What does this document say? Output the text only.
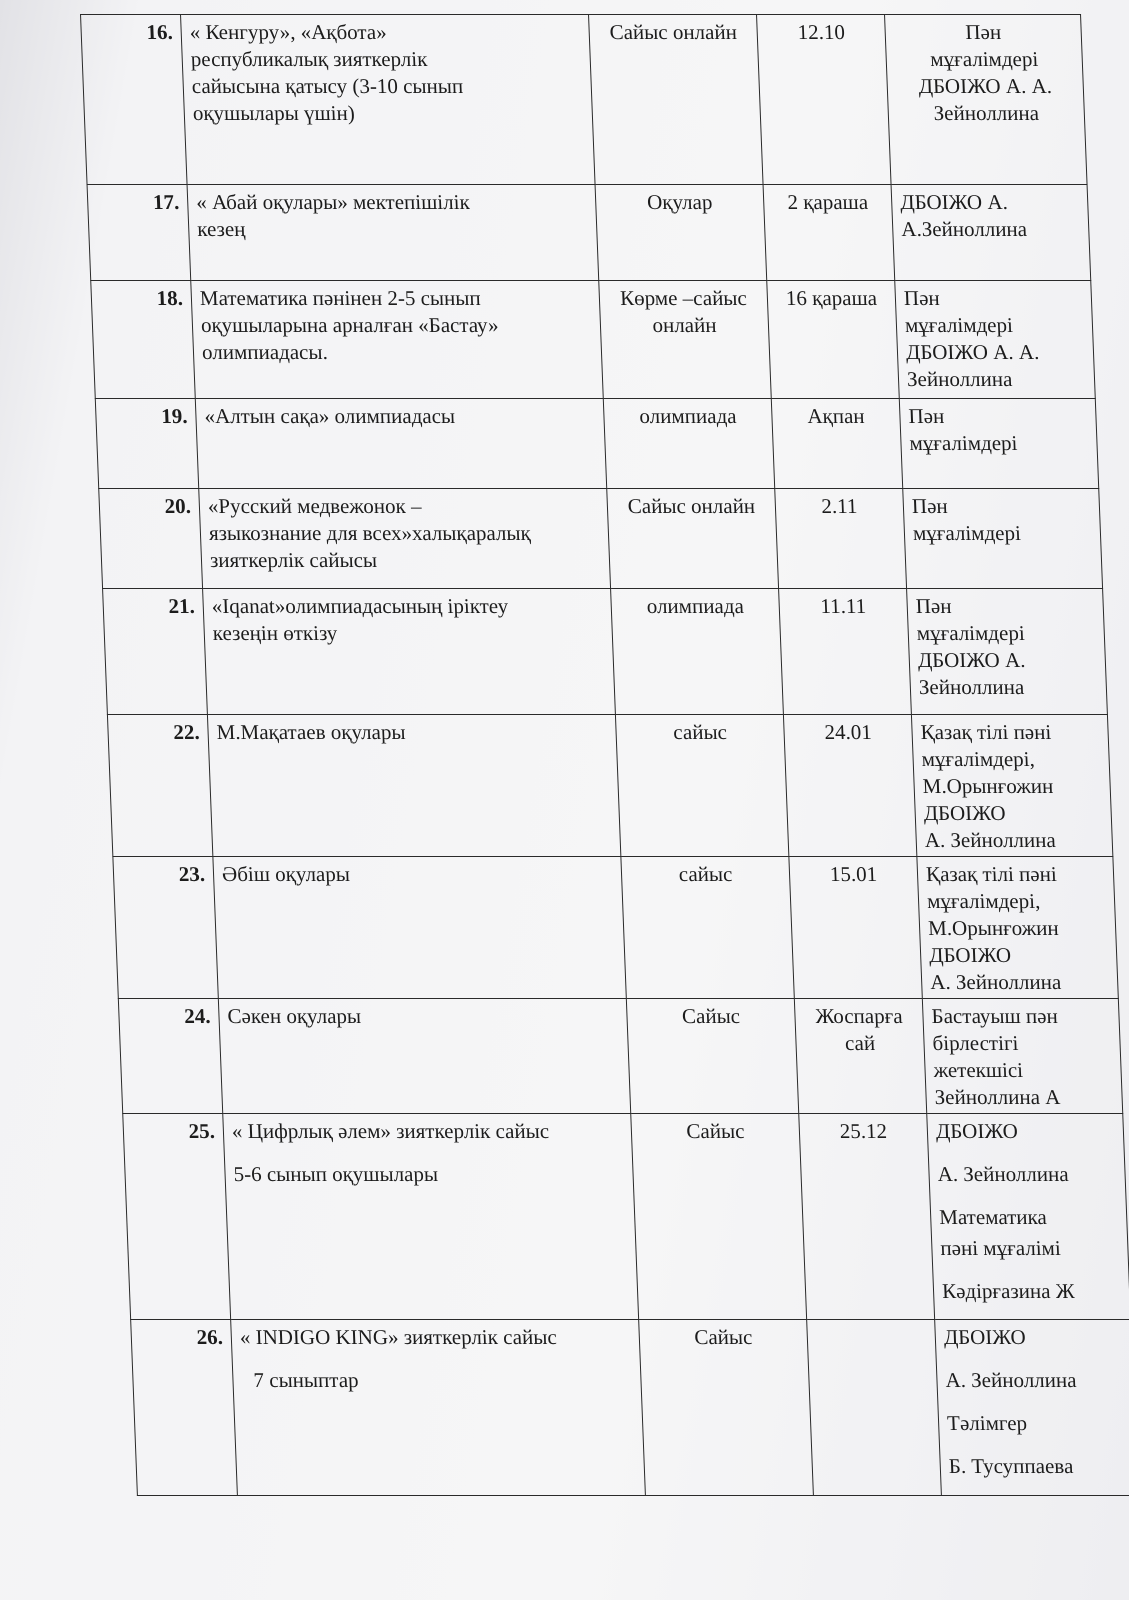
16.	« Кенгуру», «Ақбота»
республикалық зияткерлік
сайысына қатысу (3-10 сынып
оқушылары үшін)	Сайыс онлайн	12.10	Пән
мұғалімдері
ДБОІЖО А. А.
Зейноллина

17.	« Абай оқулары» мектепішілік
кезең	Оқулар	2 қараша	ДБОІЖО А.
А.Зейноллина

18.	Математика пәнінен 2-5 сынып
оқушыларына арналған «Бастау»
олимпиадасы.	Көрме –сайыс
онлайн	16 қараша	Пән
мұғалімдері
ДБОІЖО А. А.
Зейноллина

19.	«Алтын сақа» олимпиадасы	олимпиада	Ақпан	Пән
мұғалімдері

20.	«Русский медвежонок –
языкознание для всех»халықаралық
зияткерлік сайысы	Сайыс онлайн	2.11	Пән
мұғалімдері

21.	«Iqanat»олимпиадасының іріктеу
кезеңін өткізу	олимпиада	11.11	Пән
мұғалімдері
ДБОІЖО А.
Зейноллина

22.	М.Мақатаев оқулары	сайыс	24.01	Қазақ тілі пәні
мұғалімдері,
М.Орынғожин
ДБОІЖО
А. Зейноллина

23.	Әбіш оқулары	сайыс	15.01	Қазақ тілі пәні
мұғалімдері,
М.Орынғожин
ДБОІЖО
А. Зейноллина

24.	Сәкен оқулары	Сайыс	Жоспарға сай	Бастауыш пән
бірлестігі
жетекшісі
Зейноллина А

25.	« Цифрлық әлем» зияткерлік сайыс
5-6 сынып оқушылары	Сайыс	25.12	ДБОІЖО
А. Зейноллина
Математика
пәні мұғалімі
Кәдірғазина Ж

26.	« INDIGO KING» зияткерлік сайыс
7 сыныптар	Сайыс		ДБОІЖО
А. Зейноллина
Тәлімгер
Б. Тусуппаева
